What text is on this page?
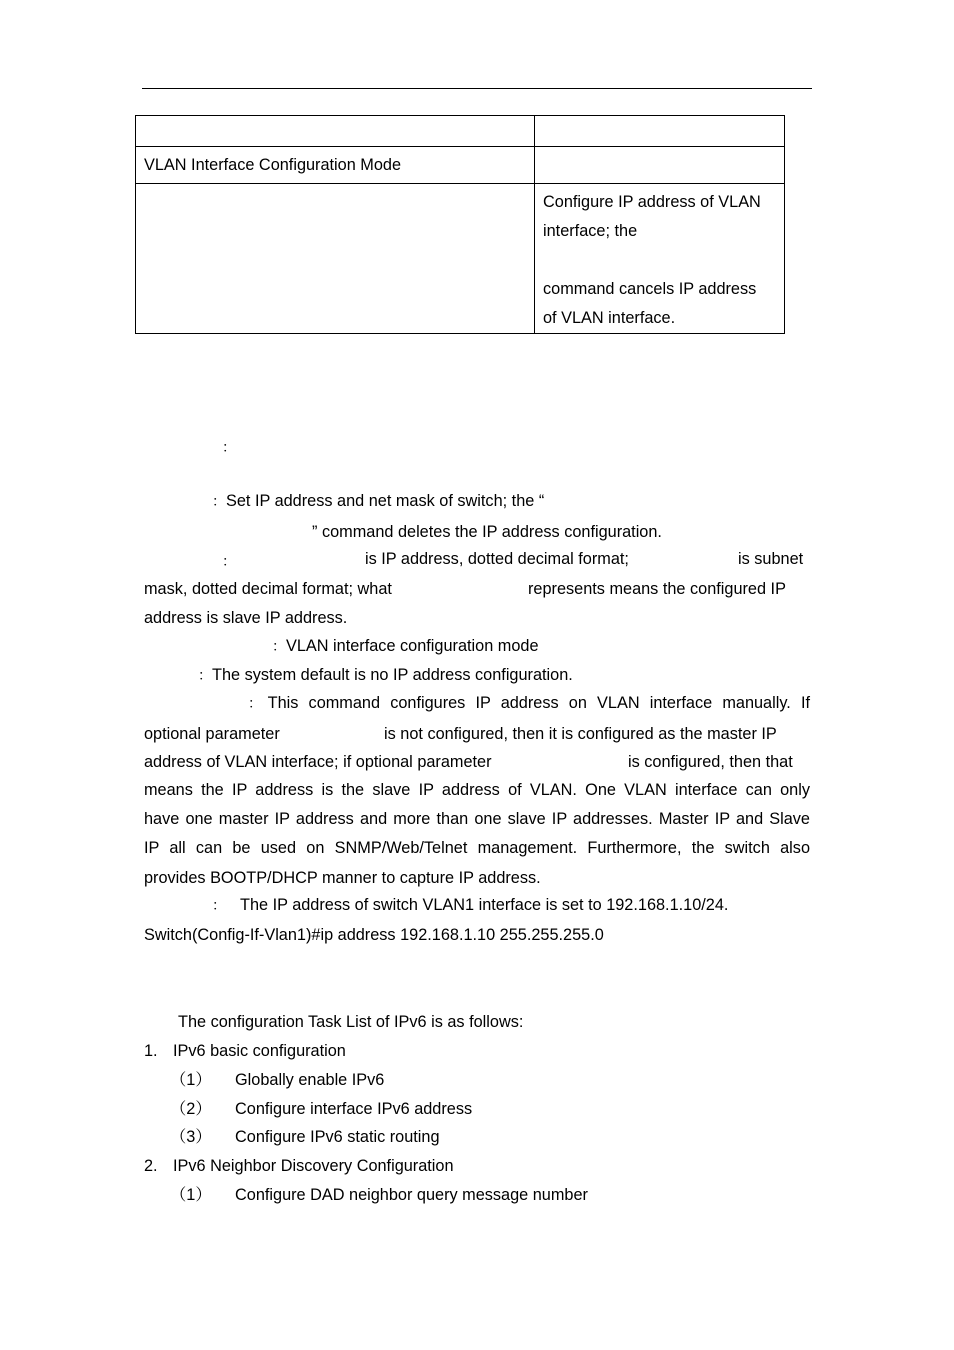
VLAN Interface Configuration Mode	

	Configure IP address of VLAN
interface; the
command cancels IP address
of VLAN interface.
：
：Set IP address and net mask of switch; the “
” command deletes the IP address configuration.
：	is IP address, dotted decimal format;	is subnet
mask, dotted decimal format; what	represents means the configured IP
address is slave IP address.
：VLAN interface configuration mode
：The system default is no IP address configuration.
：This command configures IP address on VLAN interface manually. If
optional parameter	is not configured, then it is configured as the master IP
address of VLAN interface; if optional parameter	is configured, then that
means the IP address is the slave IP address of VLAN. One VLAN interface can only
have one master IP address and more than one slave IP addresses. Master IP and Slave
IP all can be used on SNMP/Web/Telnet management. Furthermore, the switch also
provides BOOTP/DHCP manner to capture IP address.
： The IP address of switch VLAN1 interface is set to 192.168.1.10/24.
Switch(Config-If-Vlan1)#ip address 192.168.1.10 255.255.255.0
The configuration Task List of IPv6 is as follows:
1. IPv6 basic configuration
（1） Globally enable IPv6
（2） Configure interface IPv6 address
（3） Configure IPv6 static routing
2. IPv6 Neighbor Discovery Configuration
（1） Configure DAD neighbor query message number
